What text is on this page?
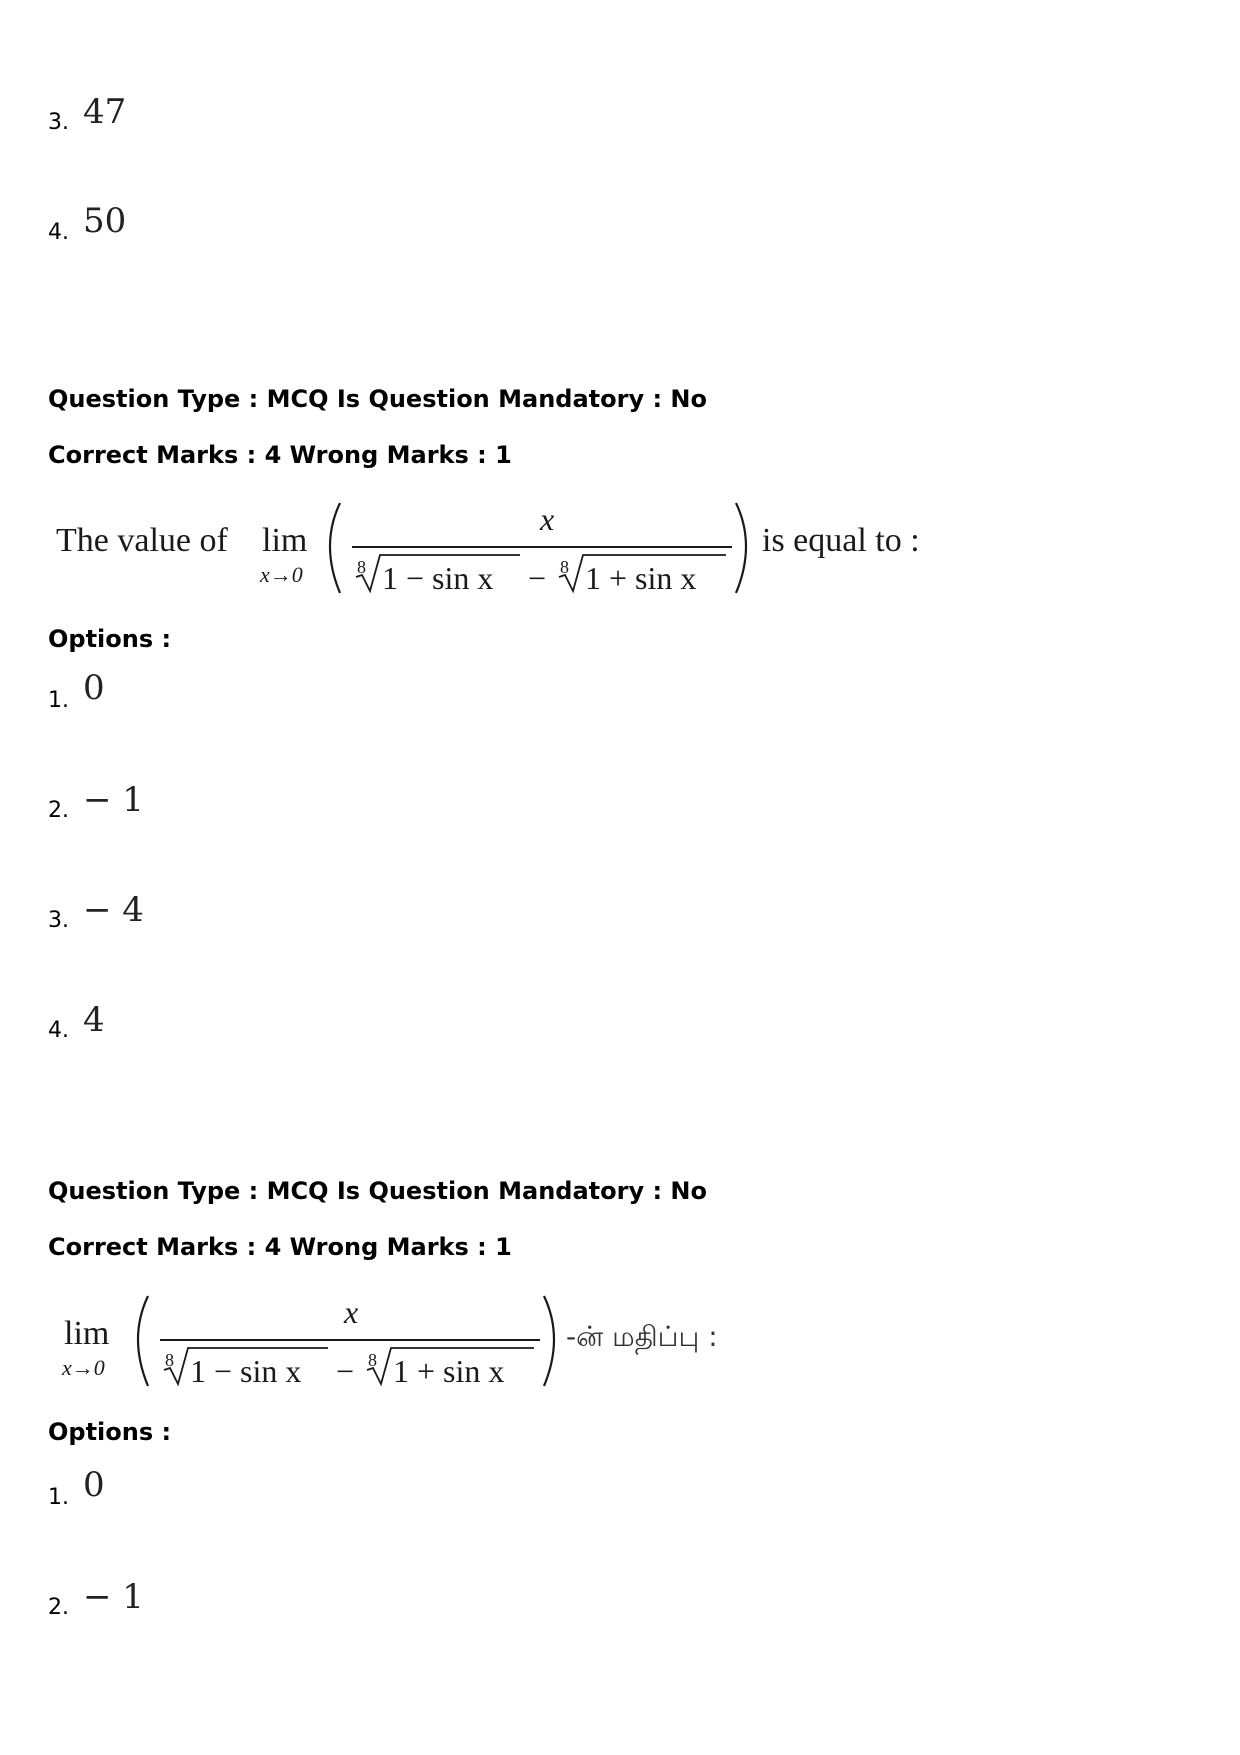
3. 47
4. 50
Question Type : MCQ Is Question Mandatory : No
Correct Marks : 4 Wrong Marks : 1
The value of lim
x→0
x
8 1 − sin x − 8 1 + sin x
is equal to :
Options :
1. 0
2. − 1
3. − 4
4. 4
Question Type : MCQ Is Question Mandatory : No
Correct Marks : 4 Wrong Marks : 1
lim
x→0
x
8 1 − sin x − 8 1 + sin x
-ன் மதிப்பு :
Options :
1. 0
2. − 1
